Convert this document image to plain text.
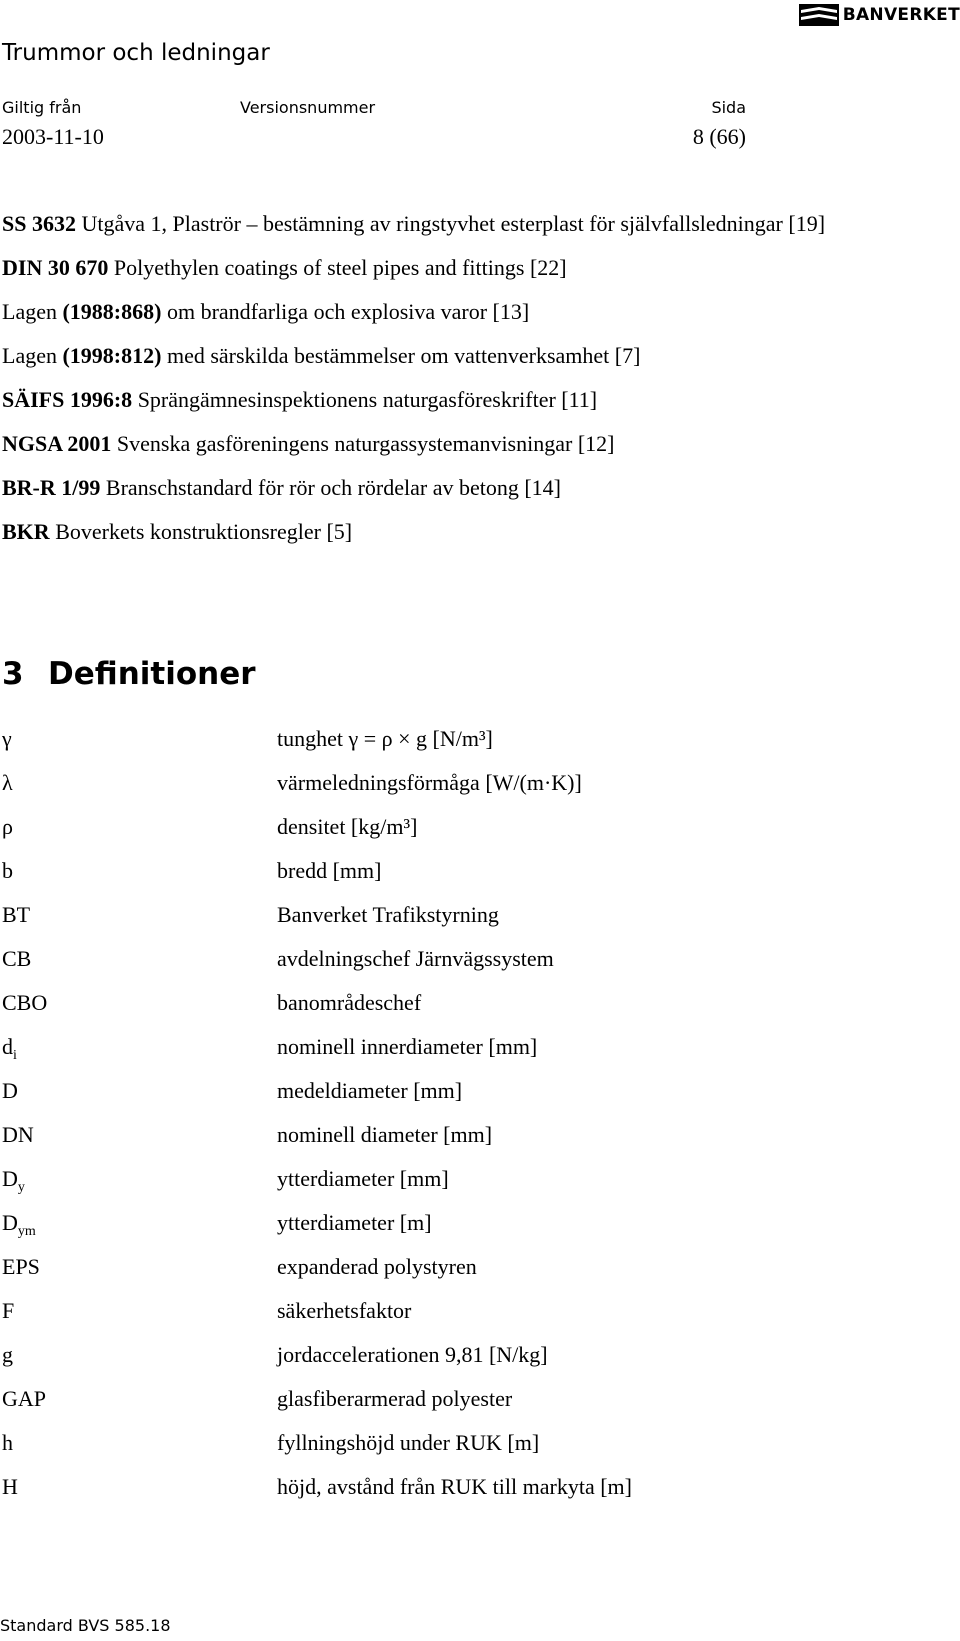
BANVERKET
Trummor och ledningar
Giltig från	Versionsnummer	Sida
2003-11-10	8 (66)
SS 3632 Utgåva 1, Plaströr – bestämning av ringstyvhet esterplast för självfallsledningar [19]
DIN 30 670 Polyethylen coatings of steel pipes and fittings [22]
Lagen (1988:868) om brandfarliga och explosiva varor [13]
Lagen (1998:812) med särskilda bestämmelser om vattenverksamhet [7]
SÄIFS 1996:8 Sprängämnesinspektionens naturgasföreskrifter [11]
NGSA 2001 Svenska gasföreningens naturgassystemanvisningar [12]
BR-R 1/99 Branschstandard för rör och rördelar av betong [14]
BKR Boverkets konstruktionsregler [5]
3 Definitioner
γ	tunghet γ = ρ × g [N/m³]
λ	värmeledningsförmåga [W/(m·K)]
ρ	densitet [kg/m³]
b	bredd [mm]
BT	Banverket Trafikstyrning
CB	avdelningschef Järnvägssystem
CBO	banområdeschef
$d_i$	nominell innerdiameter [mm]
D	medeldiameter [mm]
DN	nominell diameter [mm]
$D_y$	ytterdiameter [mm]
$D_{ym}$	ytterdiameter [m]
EPS	expanderad polystyren
F	säkerhetsfaktor
g	jordaccelerationen 9,81 [N/kg]
GAP	glasfiberarmerad polyester
h	fyllningshöjd under RUK [m]
H	höjd, avstånd från RUK till markyta [m]
Standard BVS 585.18
